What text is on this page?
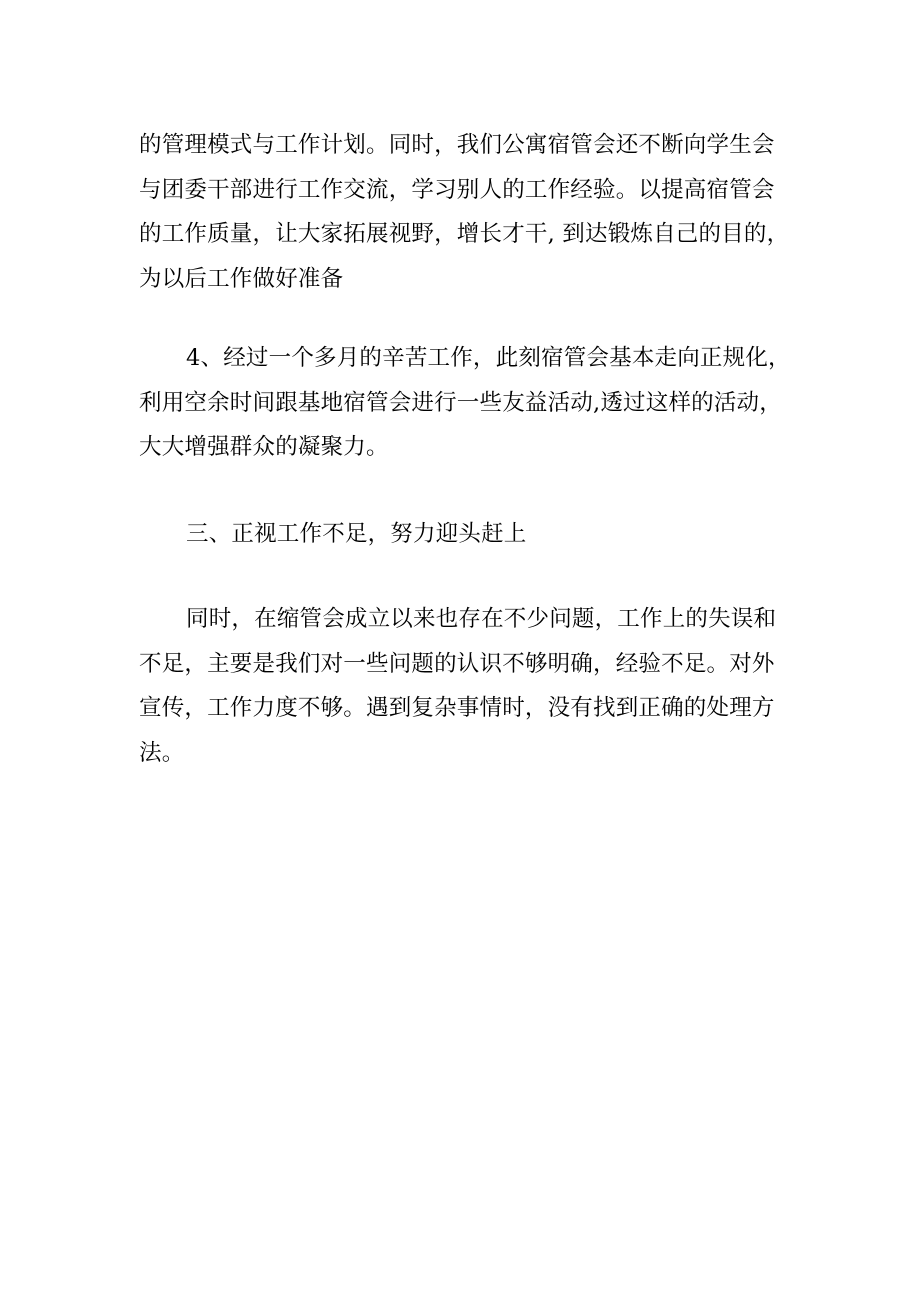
的管理模式与工作计划。同时，我们公寓宿管会还不断向学生会
与团委干部进行工作交流，学习别人的工作经验。以提高宿管会
的工作质量，让大家拓展视野，增长才干, 到达锻炼自己的目的，
为以后工作做好准备

4、经过一个多月的辛苦工作，此刻宿管会基本走向正规化，
利用空余时间跟基地宿管会进行一些友益活动,透过这样的活动，
大大增强群众的凝聚力。

三、正视工作不足，努力迎头赶上

同时，在缩管会成立以来也存在不少问题，工作上的失误和
不足，主要是我们对一些问题的认识不够明确，经验不足。对外
宣传，工作力度不够。遇到复杂事情时，没有找到正确的处理方
法。
